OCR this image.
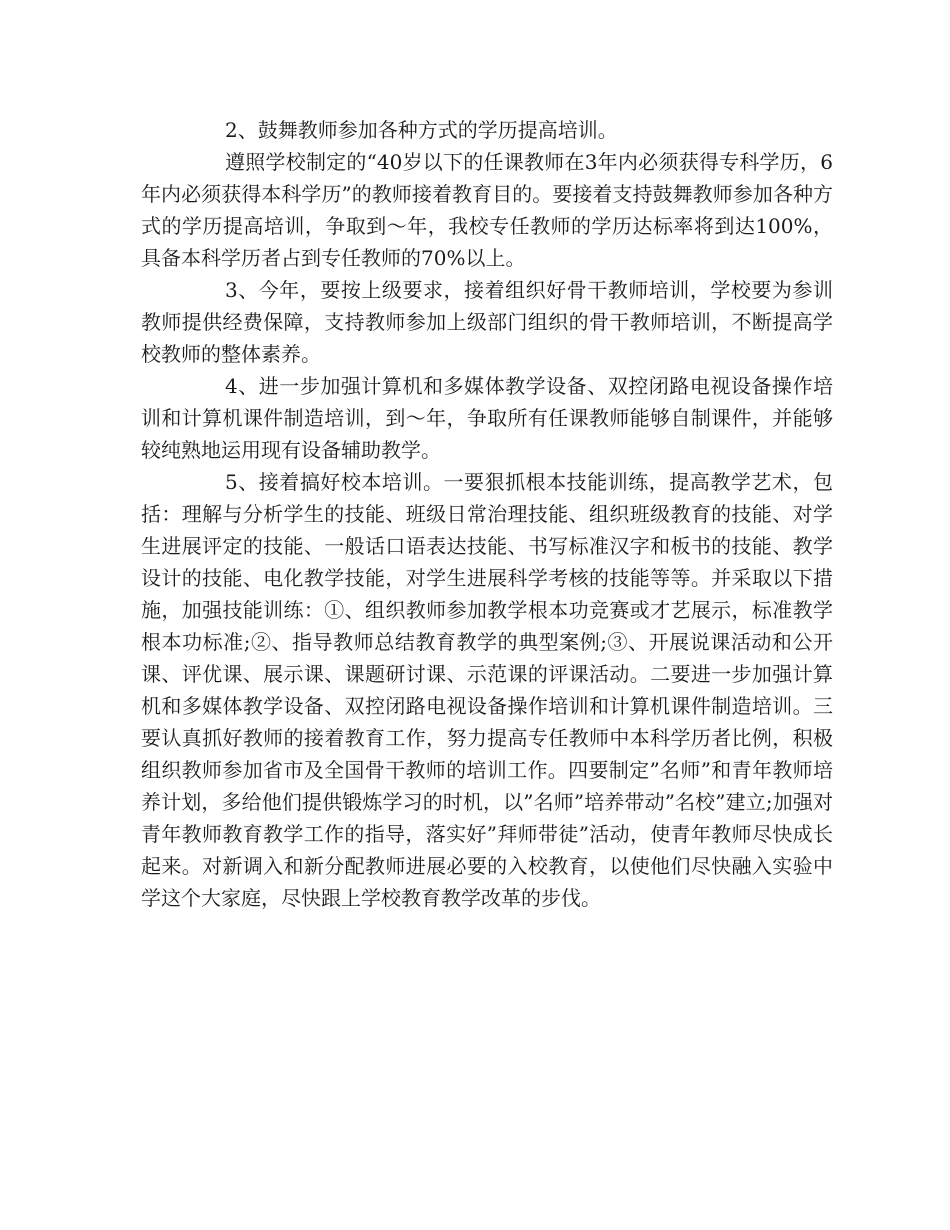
2、鼓舞教师参加各种方式的学历提高培训。

遵照学校制定的“40岁以下的任课教师在3年内必须获得专科学历，6年内必须获得本科学历”的教师接着教育目的。要接着支持鼓舞教师参加各种方式的学历提高培训，争取到～年，我校专任教师的学历达标率将到达100%，具备本科学历者占到专任教师的70%以上。

3、今年，要按上级要求，接着组织好骨干教师培训，学校要为参训教师提供经费保障，支持教师参加上级部门组织的骨干教师培训，不断提高学校教师的整体素养。

4、进一步加强计算机和多媒体教学设备、双控闭路电视设备操作培训和计算机课件制造培训，到～年，争取所有任课教师能够自制课件，并能够较纯熟地运用现有设备辅助教学。

5、接着搞好校本培训。一要狠抓根本技能训练，提高教学艺术，包括：理解与分析学生的技能、班级日常治理技能、组织班级教育的技能、对学生进展评定的技能、一般话口语表达技能、书写标准汉字和板书的技能、教学设计的技能、电化教学技能，对学生进展科学考核的技能等等。并采取以下措施，加强技能训练：①、组织教师参加教学根本功竞赛或才艺展示，标准教学根本功标准;②、指导教师总结教育教学的典型案例;③、开展说课活动和公开课、评优课、展示课、课题研讨课、示范课的评课活动。二要进一步加强计算机和多媒体教学设备、双控闭路电视设备操作培训和计算机课件制造培训。三要认真抓好教师的接着教育工作，努力提高专任教师中本科学历者比例，积极组织教师参加省市及全国骨干教师的培训工作。四要制定”名师”和青年教师培养计划，多给他们提供锻炼学习的时机，以”名师”培养带动”名校”建立;加强对青年教师教育教学工作的指导，落实好”拜师带徒”活动，使青年教师尽快成长起来。对新调入和新分配教师进展必要的入校教育，以使他们尽快融入实验中学这个大家庭，尽快跟上学校教育教学改革的步伐。
